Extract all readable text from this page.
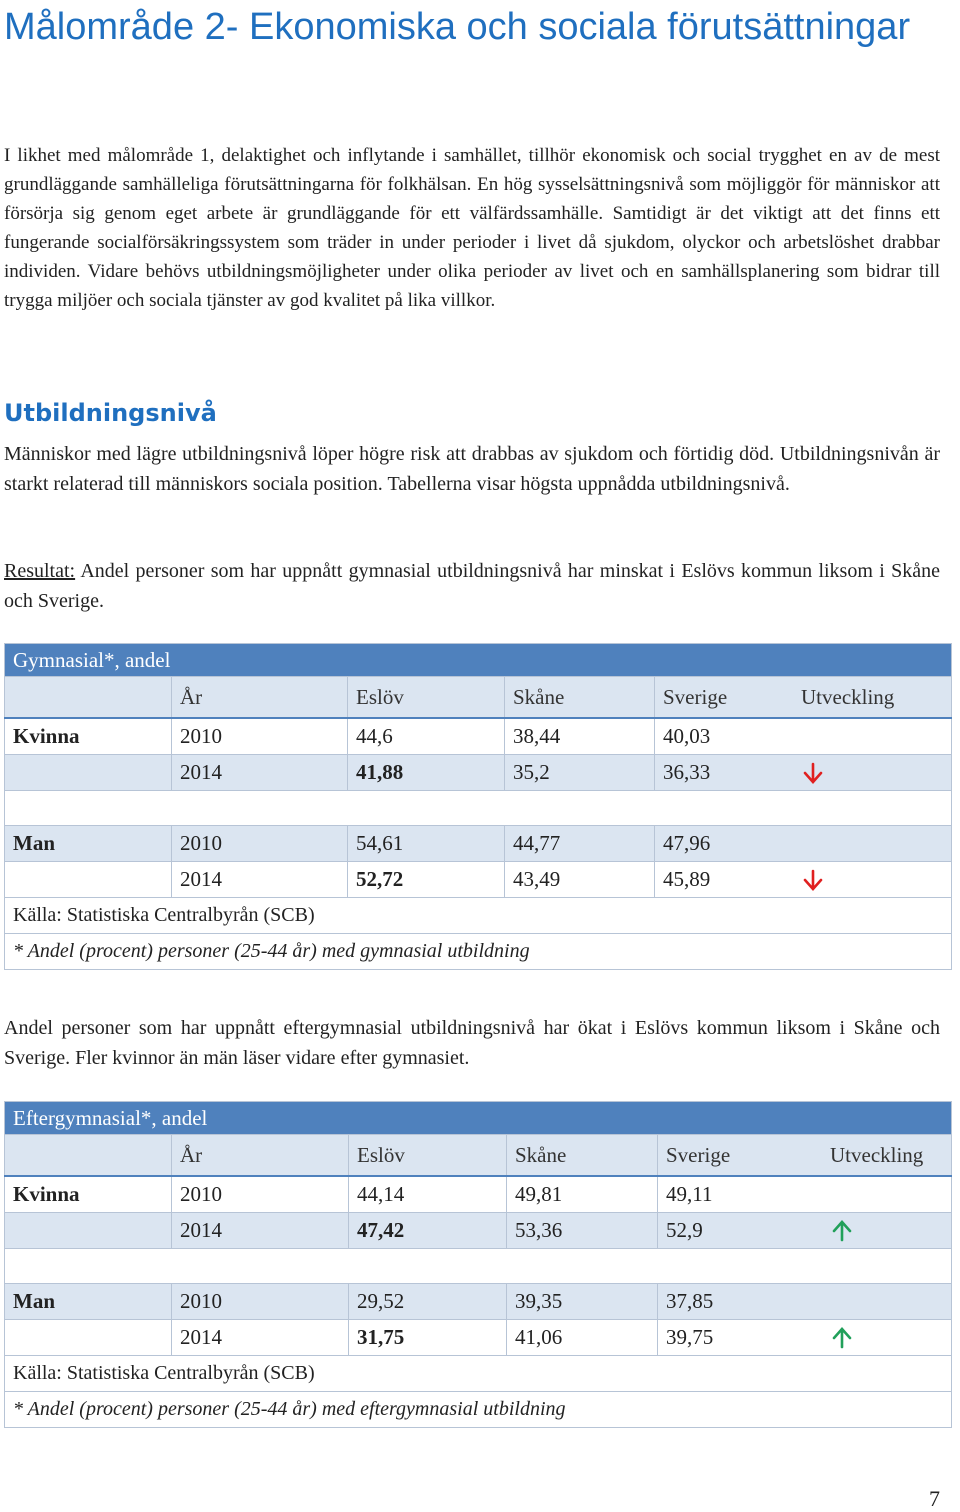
Målområde 2- Ekonomiska och sociala förutsättningar

I likhet med målområde 1, delaktighet och inflytande i samhället, tillhör ekonomisk och social trygghet en av de mest grundläggande samhälleliga förutsättningarna för folkhälsan. En hög sysselsättningsnivå som möjliggör för människor att försörja sig genom eget arbete är grundläggande för ett välfärdssamhälle. Samtidigt är det viktigt att det finns ett fungerande socialförsäkringssystem som träder in under perioder i livet då sjukdom, olyckor och arbetslöshet drabbar individen. Vidare behövs utbildningsmöjligheter under olika perioder av livet och en samhällsplanering som bidrar till trygga miljöer och sociala tjänster av god kvalitet på lika villkor.

Utbildningsnivå

Människor med lägre utbildningsnivå löper högre risk att drabbas av sjukdom och förtidig död. Utbildningsnivån är starkt relaterad till människors sociala position. Tabellerna visar högsta uppnådda utbildningsnivå.

Resultat: Andel personer som har uppnått gymnasial utbildningsnivå har minskat i Eslövs kommun liksom i Skåne och Sverige.

Gymnasial*, andel				
	År	Eslöv	Skåne	Sverige Utveckling

Kvinna	2010	44,6	38,44	40,03
	2014	41,88	35,2	36,33

Man	2010	54,61	44,77	47,96
	2014	52,72	43,49	45,89

Källa: Statistiska Centralbyrån (SCB)				
* Andel (procent) personer (25-44 år) med gymnasial utbildning				

Andel personer som har uppnått eftergymnasial utbildningsnivå har ökat i Eslövs kommun liksom i Skåne och Sverige. Fler kvinnor än män läser vidare efter gymnasiet.

Eftergymnasial*, andel				
	År	Eslöv	Skåne	Sverige Utveckling

Kvinna	2010	44,14	49,81	49,11
	2014	47,42	53,36	52,9

Man	2010	29,52	39,35	37,85
	2014	31,75	41,06	39,75

Källa: Statistiska Centralbyrån (SCB)				
* Andel (procent) personer (25-44 år) med eftergymnasial utbildning				
7
